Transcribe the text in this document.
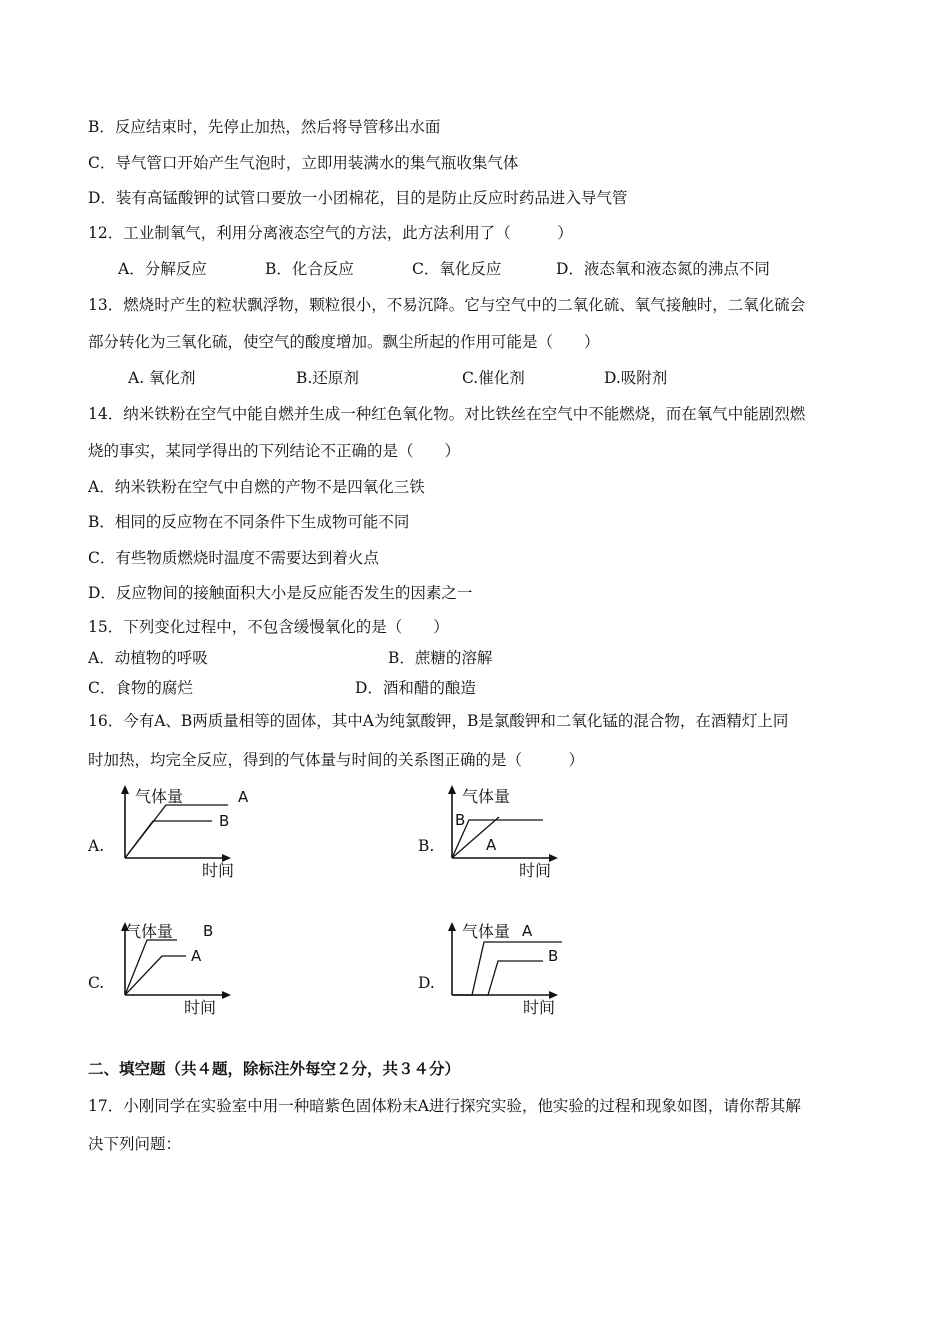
B．反应结束时，先停止加热，然后将导管移出水面
C．导气管口开始产生气泡时，立即用装满水的集气瓶收集气体
D．装有高锰酸钾的试管口要放一小团棉花，目的是防止反应时药品进入导气管
12．工业制氧气，利用分离液态空气的方法，此方法利用了（　　　）
A．分解反应	B．化合反应	C．氧化反应	D．液态氧和液态氮的沸点不同
13．燃烧时产生的粒状飘浮物，颗粒很小，不易沉降。它与空气中的二氧化硫、氧气接触时，二氧化硫会
部分转化为三氧化硫，使空气的酸度增加。飘尘所起的作用可能是（　　）
A. 氧化剂	B.还原剂	C.催化剂	D.吸附剂
14．纳米铁粉在空气中能自燃并生成一种红色氧化物。对比铁丝在空气中不能燃烧，而在氧气中能剧烈燃
烧的事实，某同学得出的下列结论不正确的是（　　）
A．纳米铁粉在空气中自燃的产物不是四氧化三铁
B．相同的反应物在不同条件下生成物可能不同
C．有些物质燃烧时温度不需要达到着火点
D．反应物间的接触面积大小是反应能否发生的因素之一
15．下列变化过程中，不包含缓慢氧化的是（　　）
A．动植物的呼吸	B．蔗糖的溶解
C．食物的腐烂	D．酒和醋的酿造
16．今有A、B两质量相等的固体，其中A为纯氯酸钾，B是氯酸钾和二氧化锰的混合物，在酒精灯上同
时加热，均完全反应，得到的气体量与时间的关系图正确的是（　　　）
A.	B.
C.	D.
气体量
时间
A
B
气体量
时间
B
A
气体量
时间
B
A
气体量
时间
A
B
二、填空题（共４题，除标注外每空２分，共３４分）
17．小刚同学在实验室中用一种暗紫色固体粉末A进行探究实验，他实验的过程和现象如图，请你帮其解
决下列问题：
